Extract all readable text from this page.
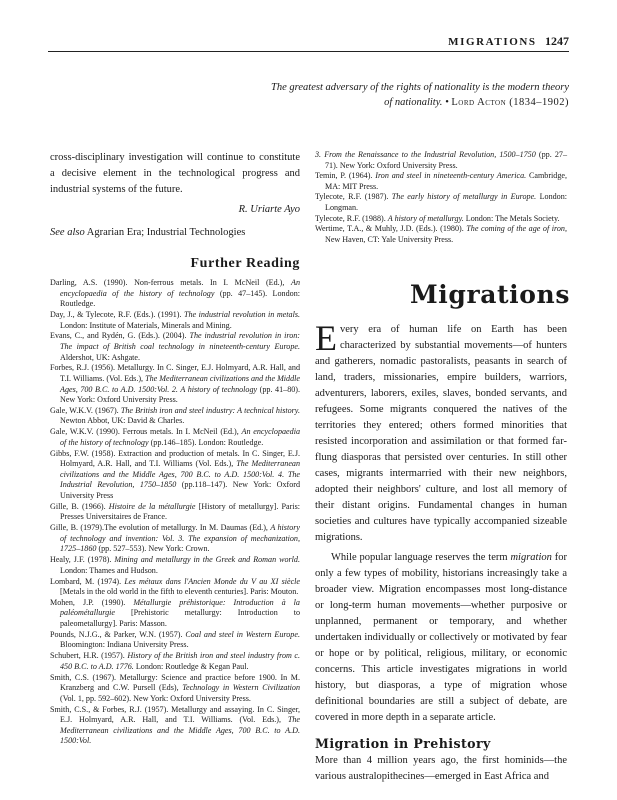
MIGRATIONS 1247
The greatest adversary of the rights of nationality is the modern theory of nationality. • Lord Acton (1834–1902)

cross-disciplinary investigation will continue to constitute a decisive element in the technological progress and industrial systems of the future.

R. Uriarte Ayo

See also Agrarian Era; Industrial Technologies

Further Reading

Darling, A.S. (1990). Non-ferrous metals. In I. McNeil (Ed.), An encyclopaedia of the history of technology (pp. 47–145). London: Routledge.

Day, J., & Tylecote, R.F. (Eds.). (1991). The industrial revolution in metals. London: Institute of Materials, Minerals and Mining.

Evans, C., and Rydén, G. (Eds.). (2004). The industrial revolution in iron: The impact of British coal technology in nineteenth-century Europe. Aldershot, UK: Ashgate.

Forbes, R.J. (1956). Metallurgy. In C. Singer, E.J. Holmyard, A.R. Hall, and T.I. Williams. (Vol. Eds.), The Mediterranean civilizations and the Middle Ages, 700 B.C. to A.D. 1500:Vol. 2. A history of technology (pp. 41–80). New York: Oxford University Press.

Gale, W.K.V. (1967). The British iron and steel industry: A technical history. Newton Abbot, UK: David & Charles.

Gale, W.K.V. (1990). Ferrous metals. In I. McNeil (Ed.), An encyclopaedia of the history of technology (pp.146–185). London: Routledge.

Gibbs, F.W. (1958). Extraction and production of metals. In C. Singer, E.J. Holmyard, A.R. Hall, and T.I. Williams (Vol. Eds.), The Mediterranean civilizations and the Middle Ages, 700 B.C. to A.D. 1500:Vol. 4. The Industrial Revolution, 1750–1850 (pp.118–147). New York: Oxford University Press

Gille, B. (1966). Histoire de la métallurgie [History of metallurgy]. Paris: Presses Universitaires de France.

Gille, B. (1979).The evolution of metallurgy. In M. Daumas (Ed.), A history of technology and invention: Vol. 3. The expansion of mechanization, 1725–1860 (pp. 527–553). New York: Crown.

Healy, J.F. (1978). Mining and metallurgy in the Greek and Roman world. London: Thames and Hudson.

Lombard, M. (1974). Les métaux dans l'Ancien Monde du V au XI siècle [Metals in the old world in the fifth to eleventh centuries]. Paris: Mouton.

Mohen, J.P. (1990). Métallurgie préhistorique: Introduction à la paléométallurgie [Prehistoric metallurgy: Introduction to paleometallurgy]. Paris: Masson.

Pounds, N.J.G., & Parker, W.N. (1957). Coal and steel in Western Europe. Bloomington: Indiana University Press.

Schubert, H.R. (1957). History of the British iron and steel industry from c. 450 B.C. to A.D. 1776. London: Routledge & Kegan Paul.

Smith, C.S. (1967). Metallurgy: Science and practice before 1900. In M. Kranzberg and C.W. Pursell (Eds), Technology in Western Civilization (Vol. 1, pp. 592–602). New York: Oxford University Press.

Smith, C.S., & Forbes, R.J. (1957). Metallurgy and assaying. In C. Singer, E.J. Holmyard, A.R. Hall, and T.I. Williams. (Vol. Eds.), The Mediterranean civilizations and the Middle Ages, 700 B.C. to A.D. 1500:Vol.

3. From the Renaissance to the Industrial Revolution, 1500–1750 (pp. 27–71). New York: Oxford University Press.

Temin, P. (1964). Iron and steel in nineteenth-century America. Cambridge, MA: MIT Press.

Tylecote, R.F. (1987). The early history of metallurgy in Europe. London: Longman.

Tylecote, R.F. (1988). A history of metallurgy. London: The Metals Society.

Wertime, T.A., & Muhly, J.D. (Eds.). (1980). The coming of the age of iron, New Haven, CT: Yale University Press.

Migrations

Every era of human life on Earth has been characterized by substantial movements—of hunters and gatherers, nomadic pastoralists, peasants in search of land, traders, missionaries, empire builders, warriors, adventurers, laborers, exiles, slaves, bonded servants, and refugees. Some migrants conquered the natives of the territories they entered; others formed minorities that resisted incorporation and assimilation or that formed far-flung diasporas that persisted over centuries. In still other cases, migrants intermarried with their new neighbors, adopted their neighbors' culture, and lost all memory of their distant origins. Fundamental changes in human societies and cultures have typically accompanied sizeable migrations.

While popular language reserves the term migration for only a few types of mobility, historians increasingly take a broader view. Migration encompasses most long-distance or long-term human movements—whether purposive or unplanned, permanent or temporary, and whether undertaken individually or collectively or motivated by fear or hope or by political, religious, military, or economic concerns. This article investigates migrations in world history, but diasporas, a type of migration whose definitional boundaries are still a subject of debate, are covered in more depth in a separate article.

Migration in Prehistory

More than 4 million years ago, the first hominids—the various australopithecines—emerged in East Africa and
